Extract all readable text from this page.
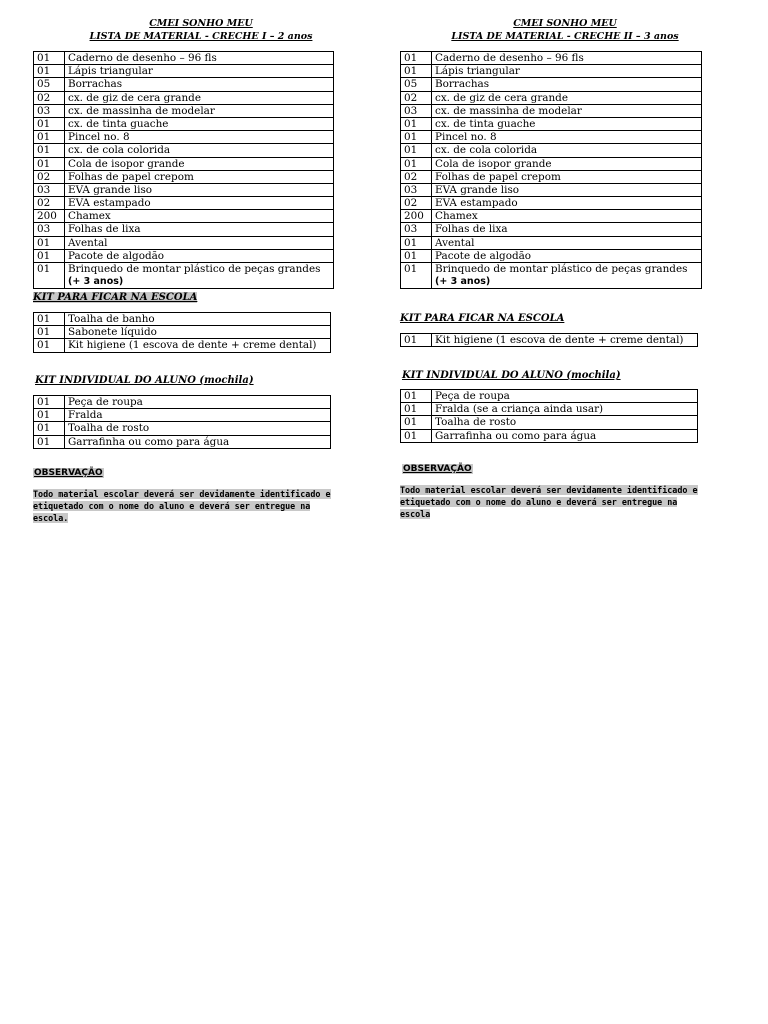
CMEI SONHO MEU
LISTA DE MATERIAL - CRECHE I – 2 anos
01	Caderno de desenho – 96 fls
01	Lápis triangular
05	Borrachas
02	cx. de giz de cera grande
03	cx. de massinha de modelar
01	cx. de tinta guache
01	Pincel no. 8
01	cx. de cola colorida
01	Cola de isopor grande
02	Folhas de papel crepom
03	EVA grande liso
02	EVA estampado
200	Chamex
03	Folhas de lixa
01	Avental
01	Pacote de algodão
01	Brinquedo de montar plástico de peças grandes
(+ 3 anos)
KIT PARA FICAR NA ESCOLA
01	Toalha de banho
01	Sabonete líquido
01	Kit higiene (1 escova de dente + creme dental)
KIT INDIVIDUAL DO ALUNO (mochila)
01	Peça de roupa
01	Fralda
01	Toalha de rosto
01	Garrafinha ou como para água
OBSERVAÇÃO
Todo material escolar deverá ser devidamente identificado e
etiquetado com o nome do aluno e deverá ser entregue na
escola.
CMEI SONHO MEU
LISTA DE MATERIAL - CRECHE II – 3 anos
01	Caderno de desenho – 96 fls
01	Lápis triangular
05	Borrachas
02	cx. de giz de cera grande
03	cx. de massinha de modelar
01	cx. de tinta guache
01	Pincel no. 8
01	cx. de cola colorida
01	Cola de isopor grande
02	Folhas de papel crepom
03	EVA grande liso
02	EVA estampado
200	Chamex
03	Folhas de lixa
01	Avental
01	Pacote de algodão
01	Brinquedo de montar plástico de peças grandes
(+ 3 anos)
KIT PARA FICAR NA ESCOLA
01	Kit higiene (1 escova de dente + creme dental)
KIT INDIVIDUAL DO ALUNO (mochila)
01	Peça de roupa
01	Fralda (se a criança ainda usar)
01	Toalha de rosto
01	Garrafinha ou como para água
OBSERVAÇÃO
Todo material escolar deverá ser devidamente identificado e
etiquetado com o nome do aluno e deverá ser entregue na
escola
